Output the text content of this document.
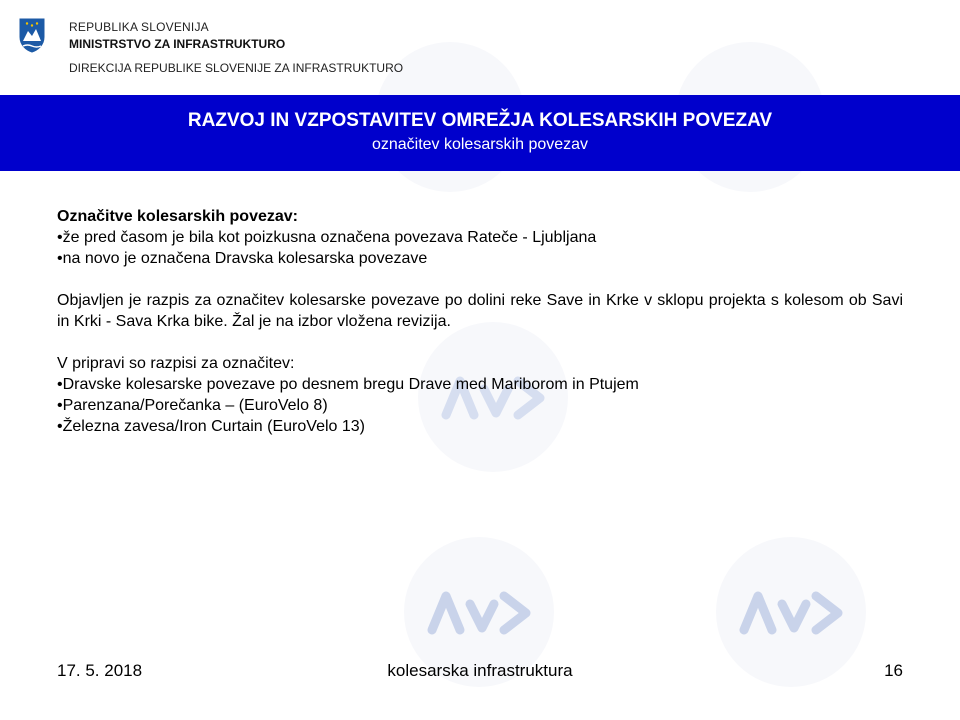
REPUBLIKA SLOVENIJA
MINISTRSTVO ZA INFRASTRUKTURO
DIREKCIJA REPUBLIKE SLOVENIJE ZA INFRASTRUKTURO
RAZVOJ IN VZPOSTAVITEV OMREŽJA KOLESARSKIH POVEZAV
označitev kolesarskih povezav
Označitve kolesarskih povezav:
•že pred časom je bila kot poizkusna označena povezava Rateče - Ljubljana
•na novo je označena Dravska kolesarska povezave
Objavljen je razpis za označitev kolesarske povezave po dolini reke Save in Krke v sklopu projekta s kolesom ob Savi in Krki - Sava Krka bike. Žal je na izbor vložena revizija.
V pripravi so razpisi za označitev:
•Dravske kolesarske povezave po desnem bregu Drave med Mariborom in Ptujem
•Parenzana/Porečanka – (EuroVelo 8)
•Železna zavesa/Iron Curtain (EuroVelo 13)
17. 5. 2018	kolesarska infrastruktura	16
